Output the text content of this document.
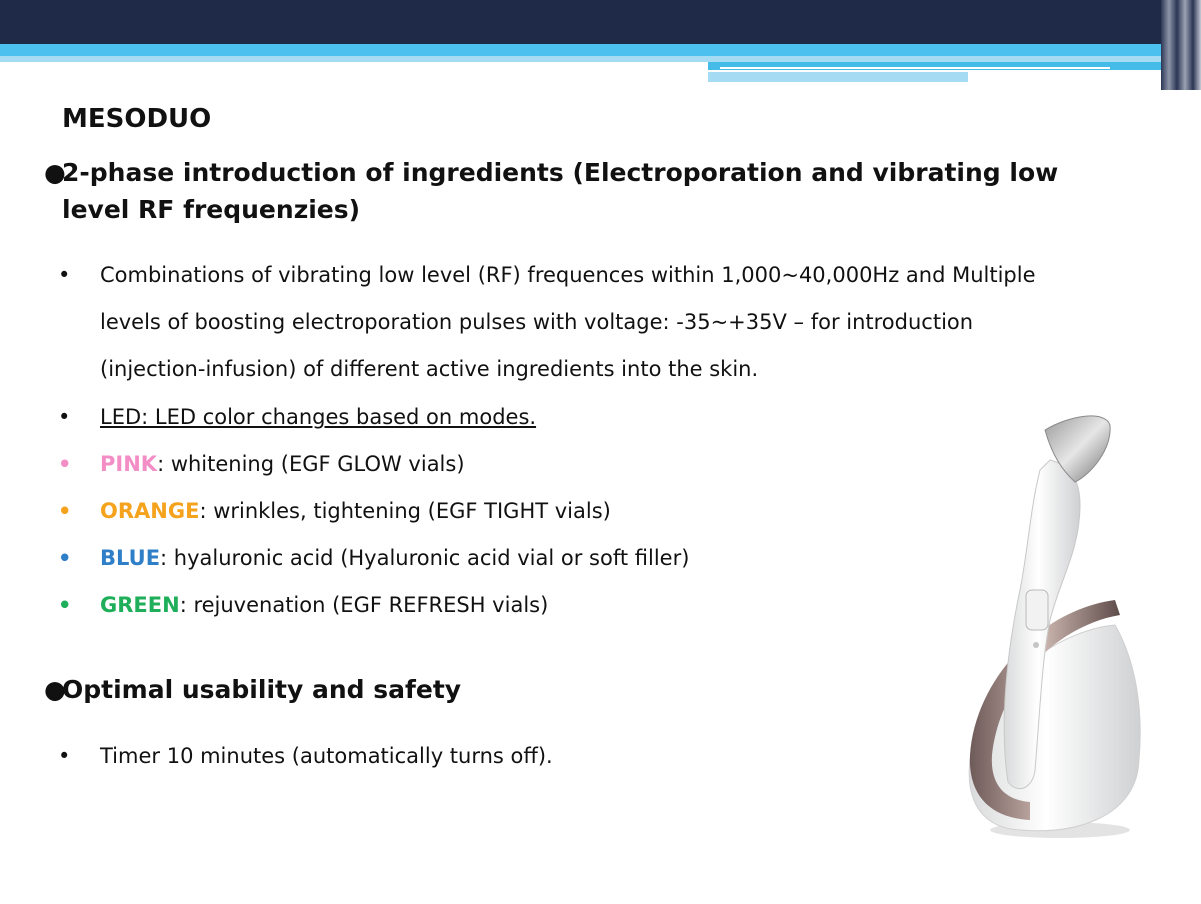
MESODUO
●2-phase introduction of ingredients (Electroporation and vibrating low
level RF frequenzies)
•	Combinations of vibrating low level (RF) frequences within 1,000~40,000Hz and Multiple levels of boosting electroporation pulses with voltage: -35~+35V – for introduction (injection-infusion) of different active ingredients into the skin.
•	LED: LED color changes based on modes.
•	PINK: whitening (EGF GLOW vials)
•	ORANGE: wrinkles, tightening (EGF TIGHT vials)
•	BLUE: hyaluronic acid (Hyaluronic acid vial or soft filler)
•	GREEN: rejuvenation (EGF REFRESH vials)
●Optimal usability and safety
•	Timer 10 minutes (automatically turns off).
